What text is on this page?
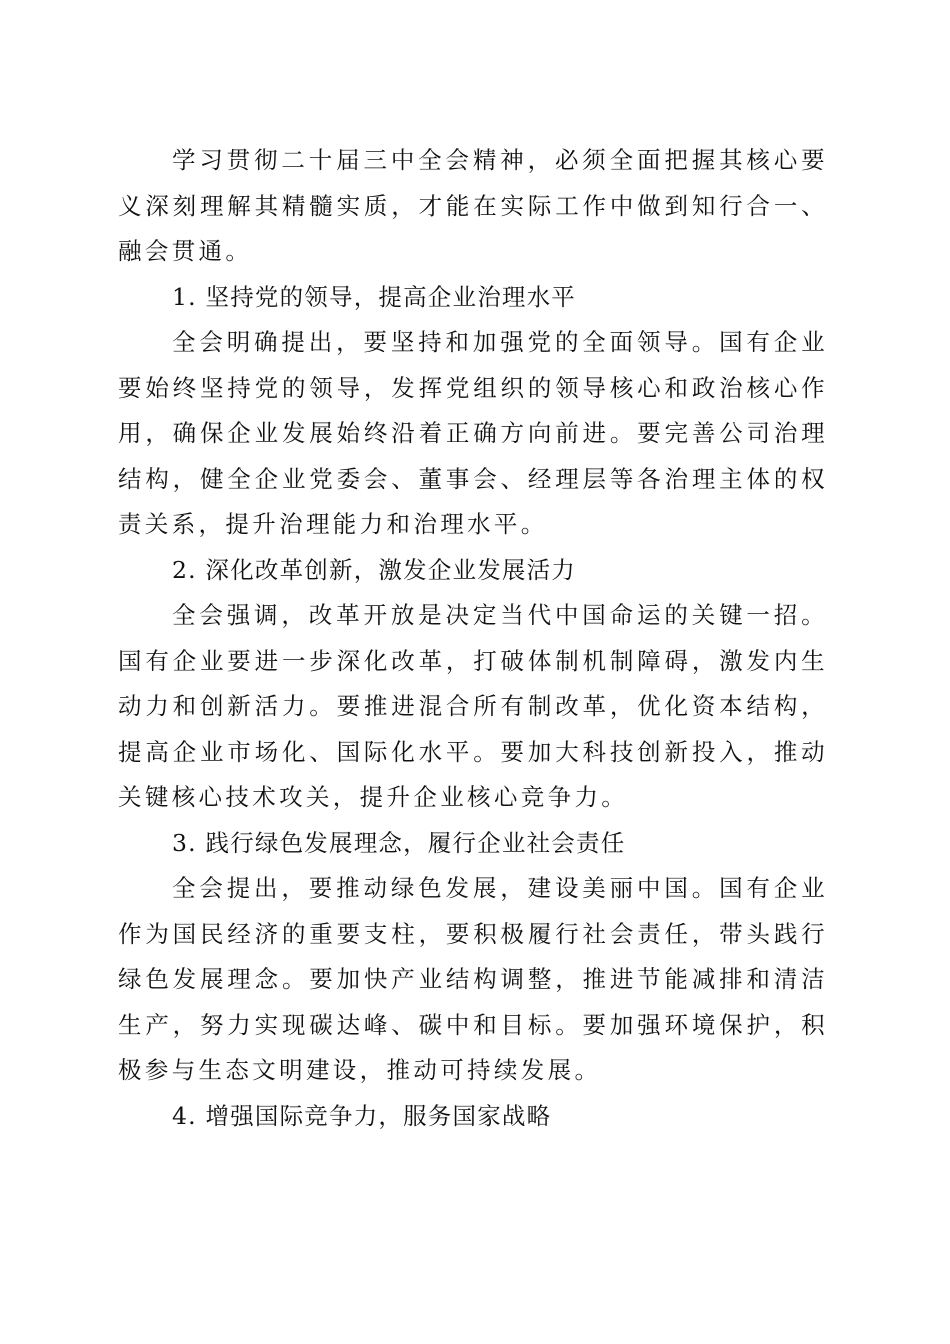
学习贯彻二十届三中全会精神，必须全面把握其核心要义深刻理解其精髓实质，才能在实际工作中做到知行合一、融会贯通。

1. 坚持党的领导，提高企业治理水平

全会明确提出，要坚持和加强党的全面领导。国有企业要始终坚持党的领导，发挥党组织的领导核心和政治核心作用，确保企业发展始终沿着正确方向前进。要完善公司治理结构，健全企业党委会、董事会、经理层等各治理主体的权责关系，提升治理能力和治理水平。

2. 深化改革创新，激发企业发展活力

全会强调，改革开放是决定当代中国命运的关键一招。国有企业要进一步深化改革，打破体制机制障碍，激发内生动力和创新活力。要推进混合所有制改革，优化资本结构，提高企业市场化、国际化水平。要加大科技创新投入，推动关键核心技术攻关，提升企业核心竞争力。

3. 践行绿色发展理念，履行企业社会责任

全会提出，要推动绿色发展，建设美丽中国。国有企业作为国民经济的重要支柱，要积极履行社会责任，带头践行绿色发展理念。要加快产业结构调整，推进节能减排和清洁生产，努力实现碳达峰、碳中和目标。要加强环境保护，积极参与生态文明建设，推动可持续发展。

4. 增强国际竞争力，服务国家战略
